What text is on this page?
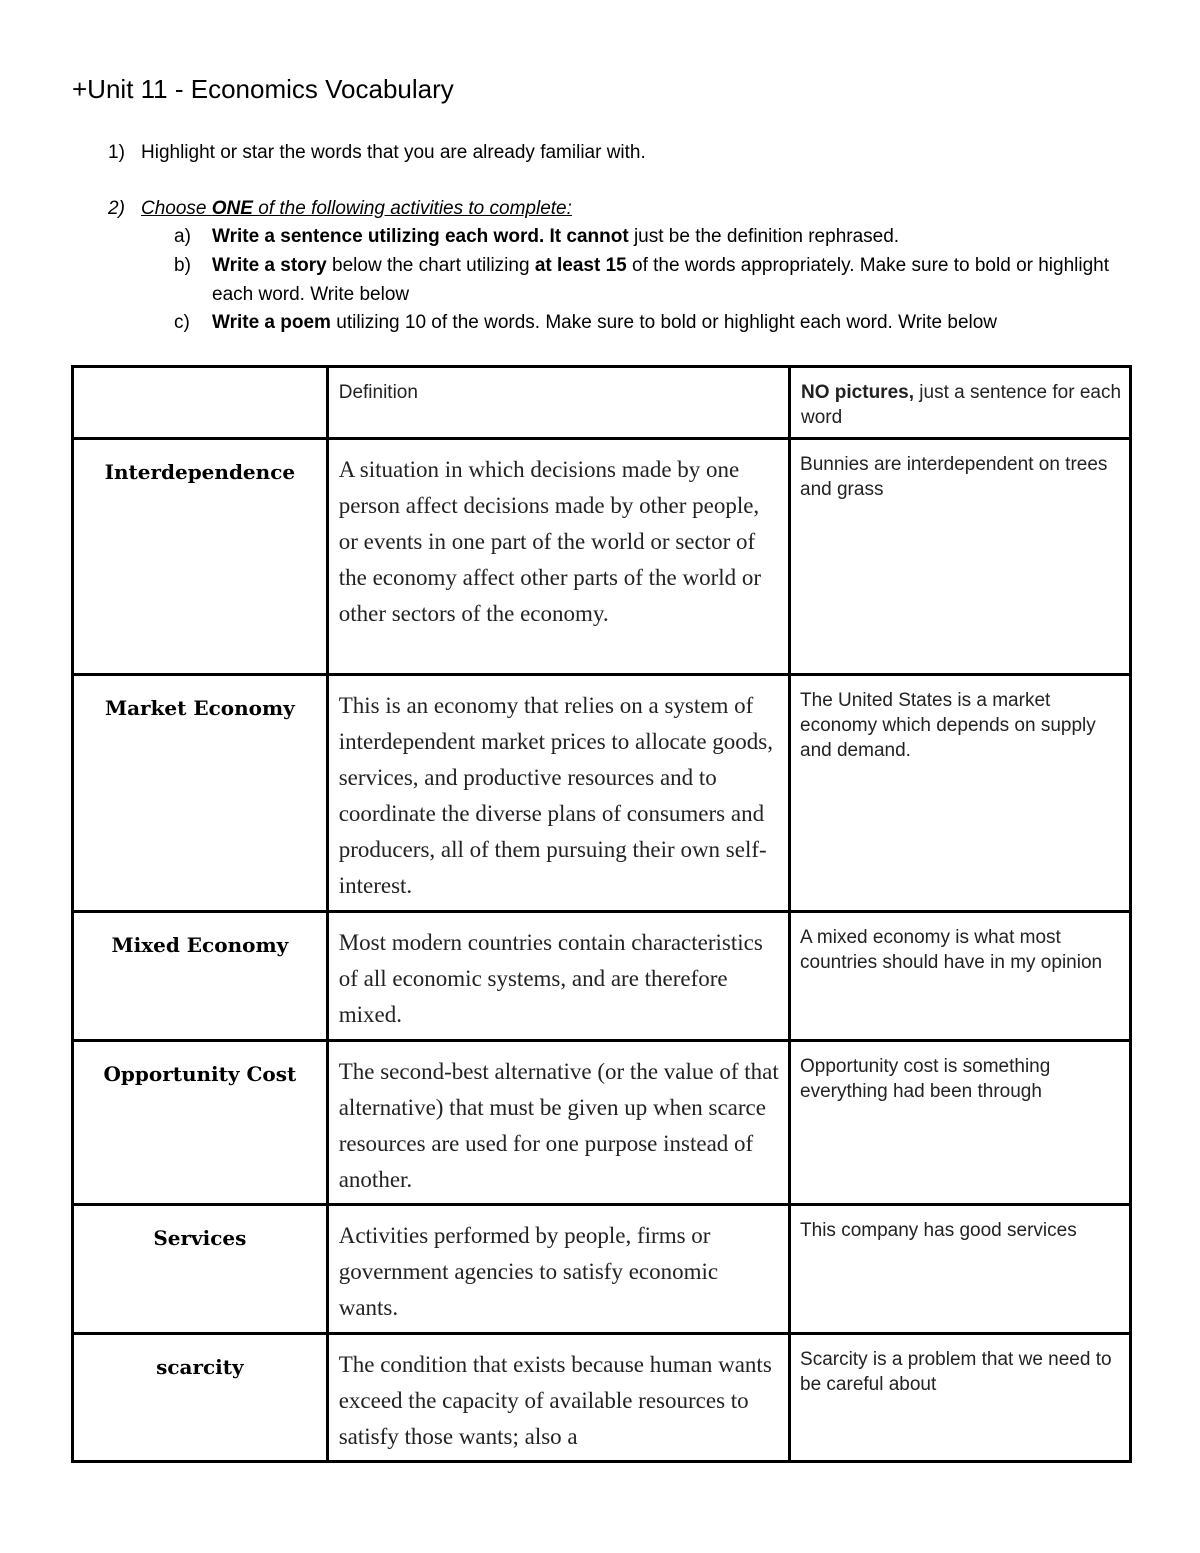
+Unit 11 - Economics Vocabulary
1) Highlight or star the words that you are already familiar with.
2) Choose ONE of the following activities to complete:
a)	Write a sentence utilizing each word. It cannot just be the definition rephrased.
b)	Write a story below the chart utilizing at least 15 of the words appropriately. Make sure to bold or highlight each word. Write below
c)	Write a poem utilizing 10 of the words. Make sure to bold or highlight each word. Write below
	Definition	NO pictures, just a sentence for each word
Interdependence	A situation in which decisions made by one person affect decisions made by other people, or events in one part of the world or sector of the economy affect other parts of the world or other sectors of the economy.	Bunnies are interdependent on trees and grass
Market Economy	This is an economy that relies on a system of interdependent market prices to allocate goods, services, and productive resources and to coordinate the diverse plans of consumers and producers, all of them pursuing their own self-interest.	The United States is a market economy which depends on supply and demand.
Mixed Economy	Most modern countries contain characteristics of all economic systems, and are therefore mixed.	A mixed economy is what most countries should have in my opinion
Opportunity Cost	The second-best alternative (or the value of that alternative) that must be given up when scarce resources are used for one purpose instead of another.	Opportunity cost is something everything had been through
Services	Activities performed by people, firms or government agencies to satisfy economic wants.	This company has good services
scarcity	The condition that exists because human wants exceed the capacity of available resources to satisfy those wants; also a	Scarcity is a problem that we need to be careful about
